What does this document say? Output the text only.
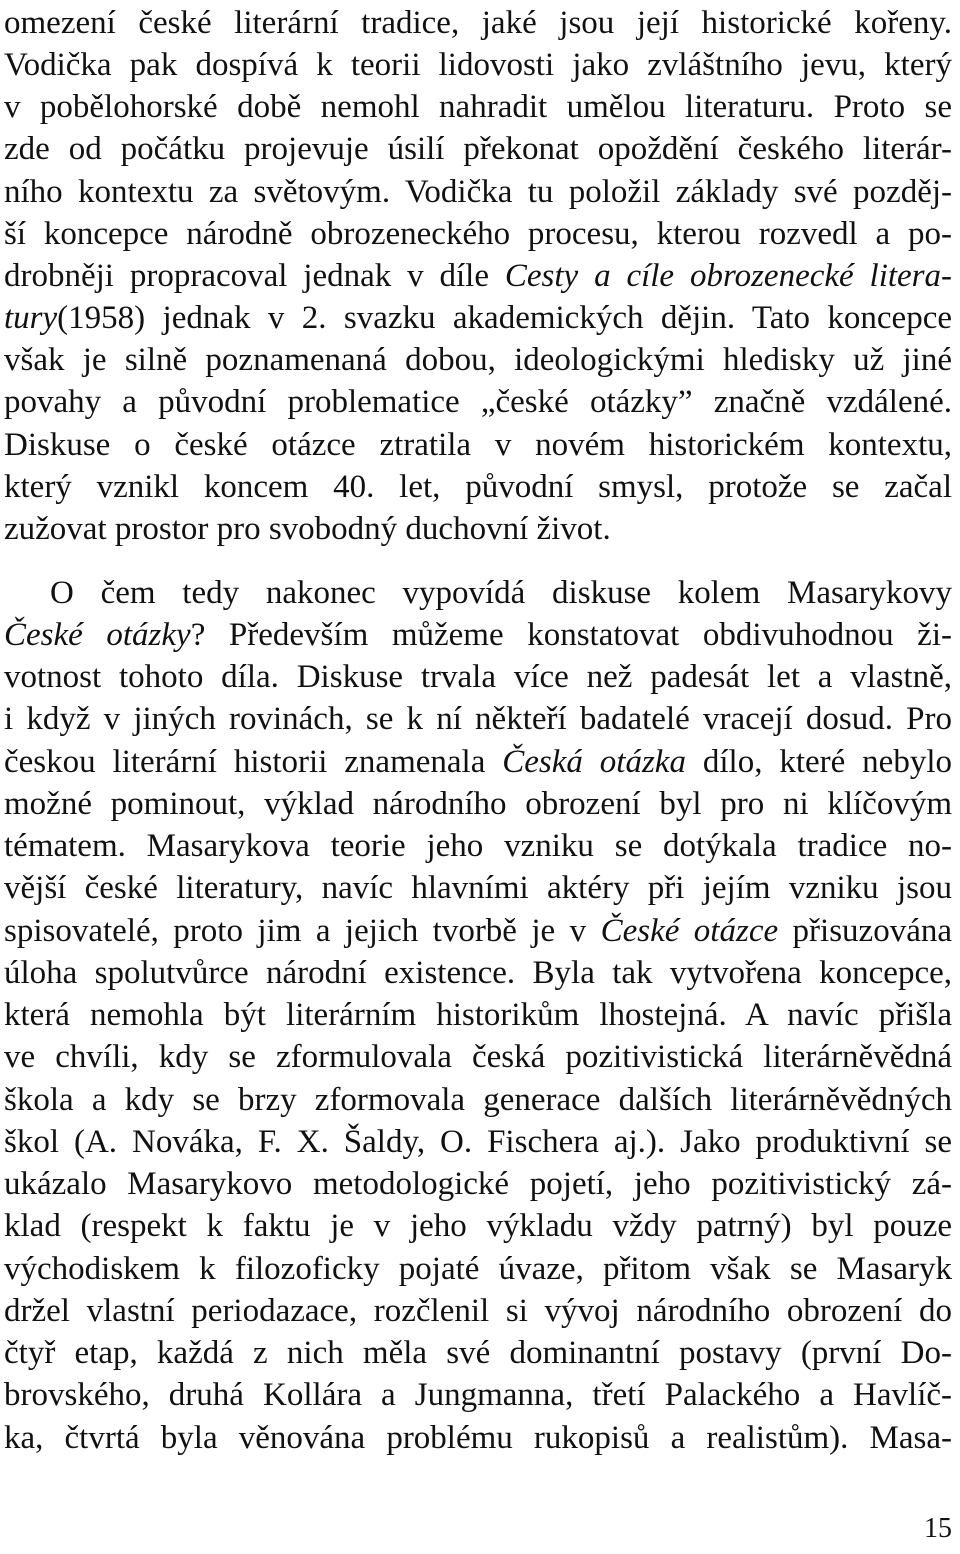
omezení české literární tradice, jaké jsou její historické kořeny.
Vodička pak dospívá k teorii lidovosti jako zvláštního jevu, který
v pobělohorské době nemohl nahradit umělou literaturu. Proto se
zde od počátku projevuje úsilí překonat opoždění českého literár-
ního kontextu za světovým. Vodička tu položil základy své pozděj-
ší koncepce národně obrozeneckého procesu, kterou rozvedl a po-
drobněji propracoval jednak v díle Cesty a cíle obrozenecké litera-
tury(1958) jednak v 2. svazku akademických dějin. Tato koncepce
však je silně poznamenaná dobou, ideologickými hledisky už jiné
povahy a původní problematice „české otázky” značně vzdálené.
Diskuse o české otázce ztratila v novém historickém kontextu,
který vznikl koncem 40. let, původní smysl, protože se začal
zužovat prostor pro svobodný duchovní život.
O čem tedy nakonec vypovídá diskuse kolem Masarykovy
České otázky? Především můžeme konstatovat obdivuhodnou ži-
votnost tohoto díla. Diskuse trvala více než padesát let a vlastně,
i když v jiných rovinách, se k ní někteří badatelé vracejí dosud. Pro
českou literární historii znamenala Česká otázka dílo, které nebylo
možné pominout, výklad národního obrození byl pro ni klíčovým
tématem. Masarykova teorie jeho vzniku se dotýkala tradice no-
vější české literatury, navíc hlavními aktéry při jejím vzniku jsou
spisovatelé, proto jim a jejich tvorbě je v České otázce přisuzována
úloha spolutvůrce národní existence. Byla tak vytvořena koncepce,
která nemohla být literárním historikům lhostejná. A navíc přišla
ve chvíli, kdy se zformulovala česká pozitivistická literárněvědná
škola a kdy se brzy zformovala generace dalších literárněvědných
škol (A. Nováka, F. X. Šaldy, O. Fischera aj.). Jako produktivní se
ukázalo Masarykovo metodologické pojetí, jeho pozitivistický zá-
klad (respekt k faktu je v jeho výkladu vždy patrný) byl pouze
východiskem k filozoficky pojaté úvaze, přitom však se Masaryk
držel vlastní periodazace, rozčlenil si vývoj národního obrození do
čtyř etap, každá z nich měla své dominantní postavy (první Do-
brovského, druhá Kollára a Jungmanna, třetí Palackého a Havlíč-
ka, čtvrtá byla věnována problému rukopisů a realistům). Masa-
15
